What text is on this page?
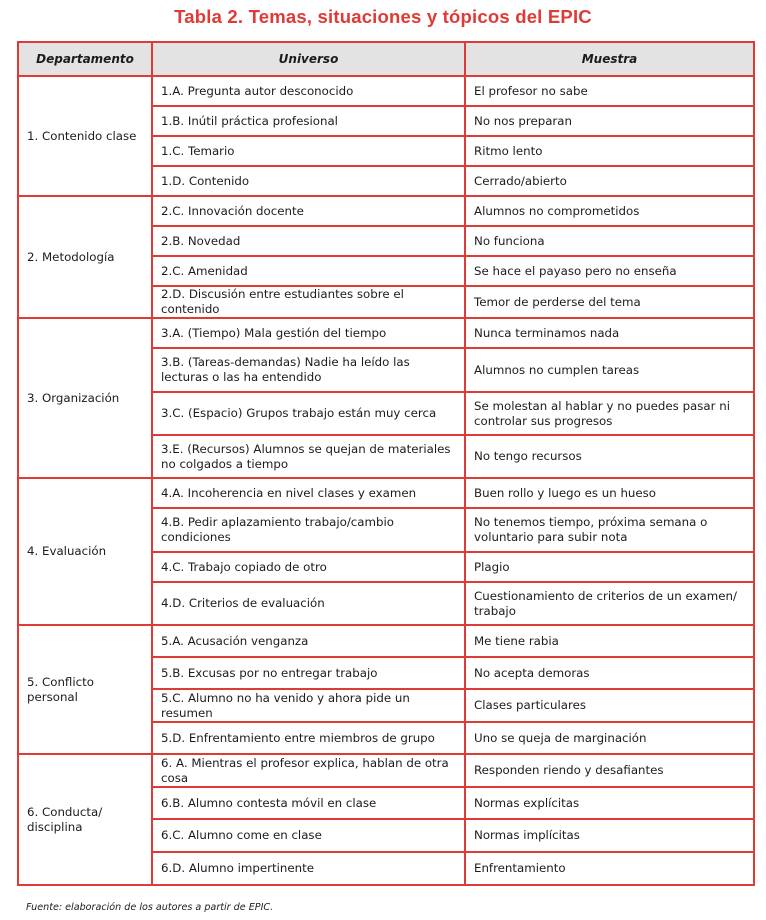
Tabla 2. Temas, situaciones y tópicos del EPIC
Departamento	Universo	Muestra
1. Contenido clase	1.A. Pregunta autor desconocido	El profesor no sabe
	1.B. Inútil práctica profesional	No nos preparan
	1.C. Temario	Ritmo lento
	1.D. Contenido	Cerrado/abierto
2. Metodología	2.C. Innovación docente	Alumnos no comprometidos
	2.B. Novedad	No funciona
	2.C. Amenidad	Se hace el payaso pero no enseña
	2.D. Discusión entre estudiantes sobre el contenido	Temor de perderse del tema
3. Organización	3.A. (Tiempo) Mala gestión del tiempo	Nunca terminamos nada
	3.B. (Tareas-demandas) Nadie ha leído las lecturas o las ha entendido	Alumnos no cumplen tareas
	3.C. (Espacio) Grupos trabajo están muy cerca	Se molestan al hablar y no puedes pasar ni controlar sus progresos
	3.E. (Recursos) Alumnos se quejan de materiales no colgados a tiempo	No tengo recursos
4. Evaluación	4.A. Incoherencia en nivel clases y examen	Buen rollo y luego es un hueso
	4.B. Pedir aplazamiento trabajo/cambio condiciones	No tenemos tiempo, próxima semana o voluntario para subir nota
	4.C. Trabajo copiado de otro	Plagio
	4.D. Criterios de evaluación	Cuestionamiento de criterios de un examen/ trabajo
5. Conflicto personal	5.A. Acusación venganza	Me tiene rabia
	5.B. Excusas por no entregar trabajo	No acepta demoras
	5.C. Alumno no ha venido y ahora pide un resumen	Clases particulares
	5.D. Enfrentamiento entre miembros de grupo	Uno se queja de marginación
6. Conducta/ disciplina	6. A. Mientras el profesor explica, hablan de otra cosa	Responden riendo y desafiantes
	6.B. Alumno contesta móvil en clase	Normas explícitas
	6.C. Alumno come en clase	Normas implícitas
	6.D. Alumno impertinente	Enfrentamiento
Fuente: elaboración de los autores a partir de EPIC.
